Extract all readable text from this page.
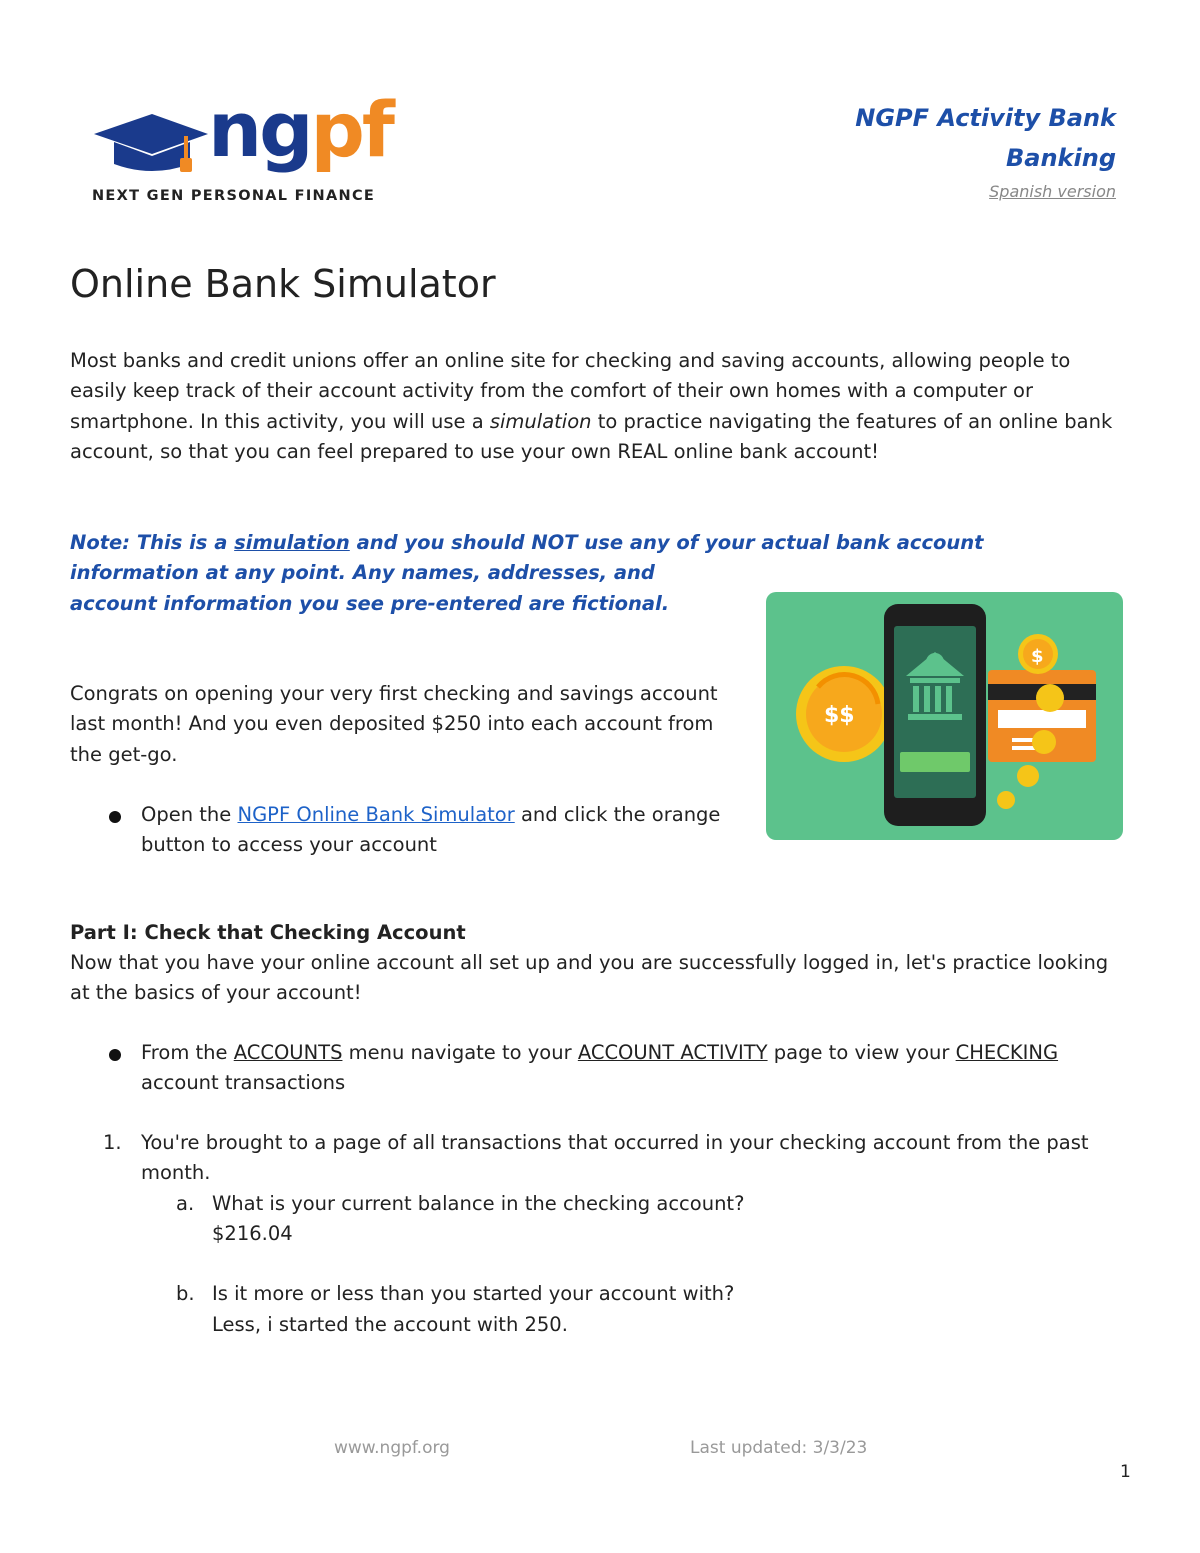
ngpf
NEXT GEN PERSONAL FINANCE
NGPF Activity Bank
Banking
Spanish version
Online Bank Simulator
Most banks and credit unions offer an online site for checking and saving accounts, allowing people to easily keep track of their account activity from the comfort of their own homes with a computer or smartphone. In this activity, you will use a simulation to practice navigating the features of an online bank account, so that you can feel prepared to use your own REAL online bank account!
Note: This is a simulation and you should NOT use any of your actual bank account
information at any point. Any names, addresses, and
account information you see pre-entered are fictional.
$$
$
Congrats on opening your very first checking and savings account last month! And you even deposited $250 into each account from the get-go.
Open the NGPF Online Bank Simulator and click the orange button to access your account
Part I: Check that Checking Account
Now that you have your online account all set up and you are successfully logged in, let's practice looking at the basics of your account!
From the ACCOUNTS menu navigate to your ACCOUNT ACTIVITY page to view your CHECKING account transactions
1. You're brought to a page of all transactions that occurred in your checking account from the past month.
a. What is your current balance in the checking account?
$216.04
b. Is it more or less than you started your account with?
Less, i started the account with 250.
www.ngpf.org	Last updated: 3/3/23
1
